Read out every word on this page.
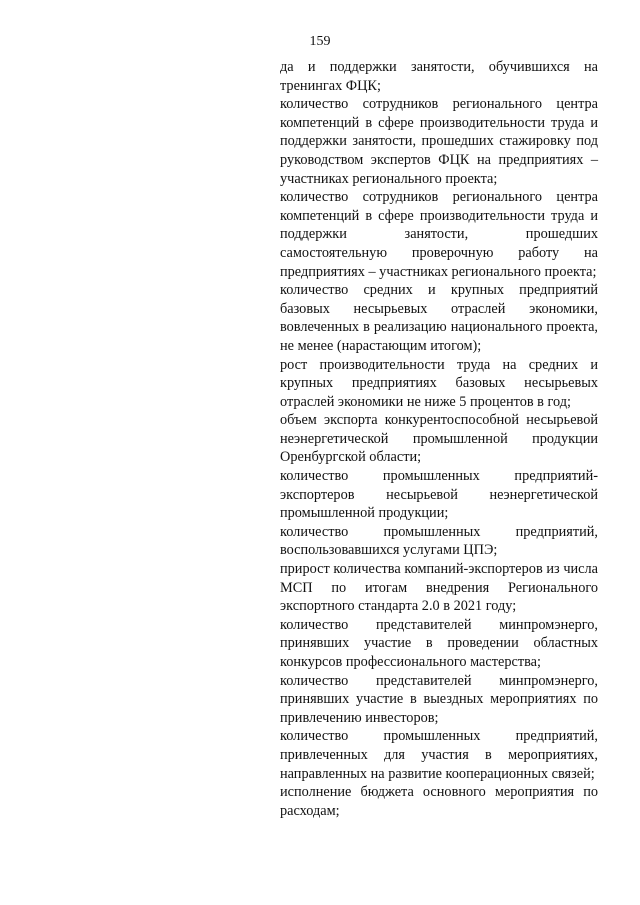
159

да и поддержки занятости, обучившихся на тренингах ФЦК;

количество сотрудников регионального центра компетенций в сфере производительности труда и поддержки занятости, прошедших стажировку под руководством экспертов ФЦК на предприятиях – участниках регионального проекта;

количество сотрудников регионального центра компетенций в сфере производительности труда и поддержки занятости, прошедших самостоятельную проверочную работу на предприятиях – участниках регионального проекта;

количество средних и крупных предприятий базовых несырьевых отраслей экономики, вовлеченных в реализацию национального проекта, не менее (нарастающим итогом);

рост производительности труда на средних и крупных предприятиях базовых несырьевых отраслей экономики не ниже 5 процентов в год;

объем экспорта конкурентоспособной несырьевой неэнергетической промышленной продукции Оренбургской области;

количество промышленных предприятий-экспортеров несырьевой неэнергетической промышленной продукции;

количество промышленных предприятий, воспользовавшихся услугами ЦПЭ;

прирост количества компаний-экспортеров из числа МСП по итогам внедрения Регионального экспортного стандарта 2.0 в 2021 году;

количество представителей минпромэнерго, принявших участие в проведении областных конкурсов профессионального мастерства;

количество представителей минпромэнерго, принявших участие в выездных мероприятиях по привлечению инвесторов;

количество промышленных предприятий, привлеченных для участия в мероприятиях, направленных на развитие кооперационных связей;

исполнение бюджета основного мероприятия по расходам;
